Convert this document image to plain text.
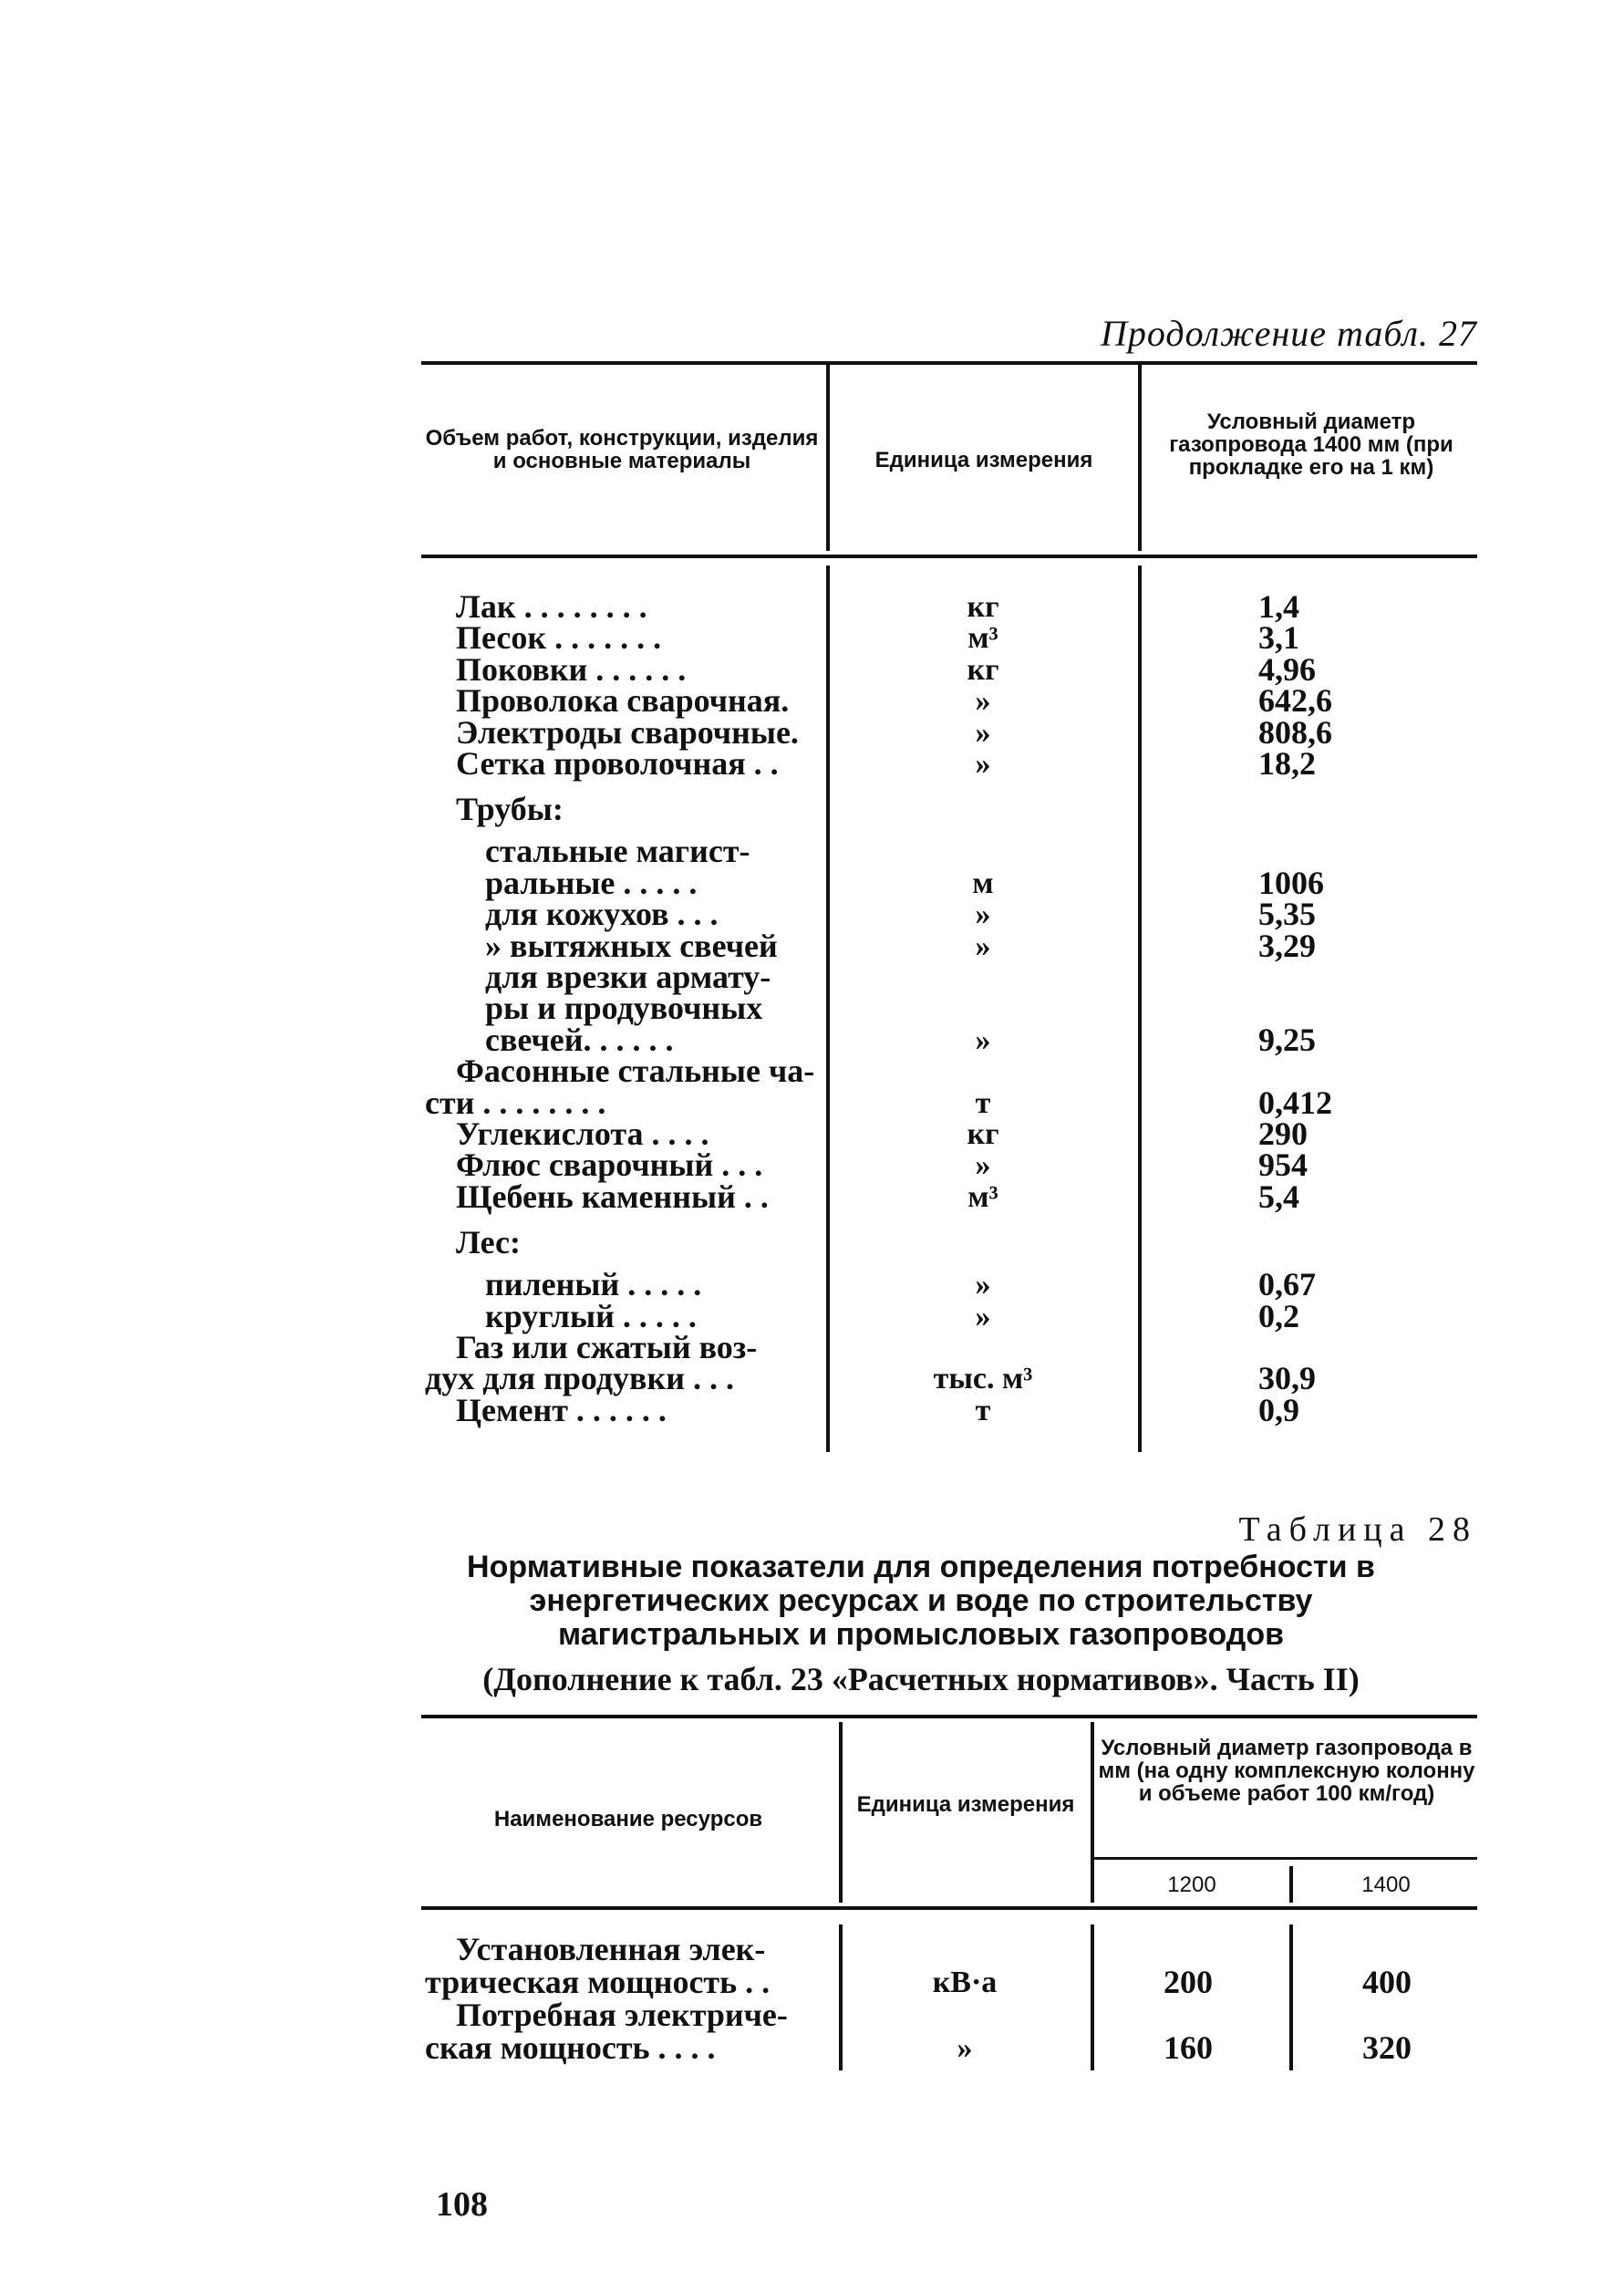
Продолжение табл. 27
Объем работ, конструкции, изделия и основные материалы	Единица измерения
Условный диаметр газопровода 1400 мм (при прокладке его на 1 км)
Лак . . . . . . . .	кг	1,4
Песок . . . . . . .	м³	3,1
Поковки . . . . . .	кг	4,96
Проволока сварочная.	»	642,6
Электроды сварочные.	»	808,6
Сетка проволочная . .	»	18,2
Трубы:
стальные магист-
ральные . . . . .	м	1006
для кожухов . . .	»	5,35
» вытяжных свечей	»	3,29
для врезки армату-
ры и продувочных
свечей. . . . . .	»	9,25
Фасонные стальные ча-
сти . . . . . . . .	т	0,412
Углекислота . . . .	кг	290
Флюс сварочный . . .	»	954
Щебень каменный . .	м³	5,4
Лес:
пиленый . . . . .	»	0,67
круглый . . . . .	»	0,2
Газ или сжатый воз-
дух для продувки . . .	тыс. м³	30,9
Цемент . . . . . .	т	0,9
Таблица 28
Нормативные показатели для определения потребности в энергетических ресурсах и воде по строительству магистральных и промысловых газопроводов
(Дополнение к табл. 23 «Расчетных нормативов». Часть II)
Наименование ресурсов
Единица измерения
Условный диаметр газопровода в мм (на одну комплексную колонну и объеме работ 100 км/год)
1200	1400
Установленная элек-
трическая мощность . .	кВ·а	200	400
Потребная электриче-
ская мощность . . . .	»	160	320
108
